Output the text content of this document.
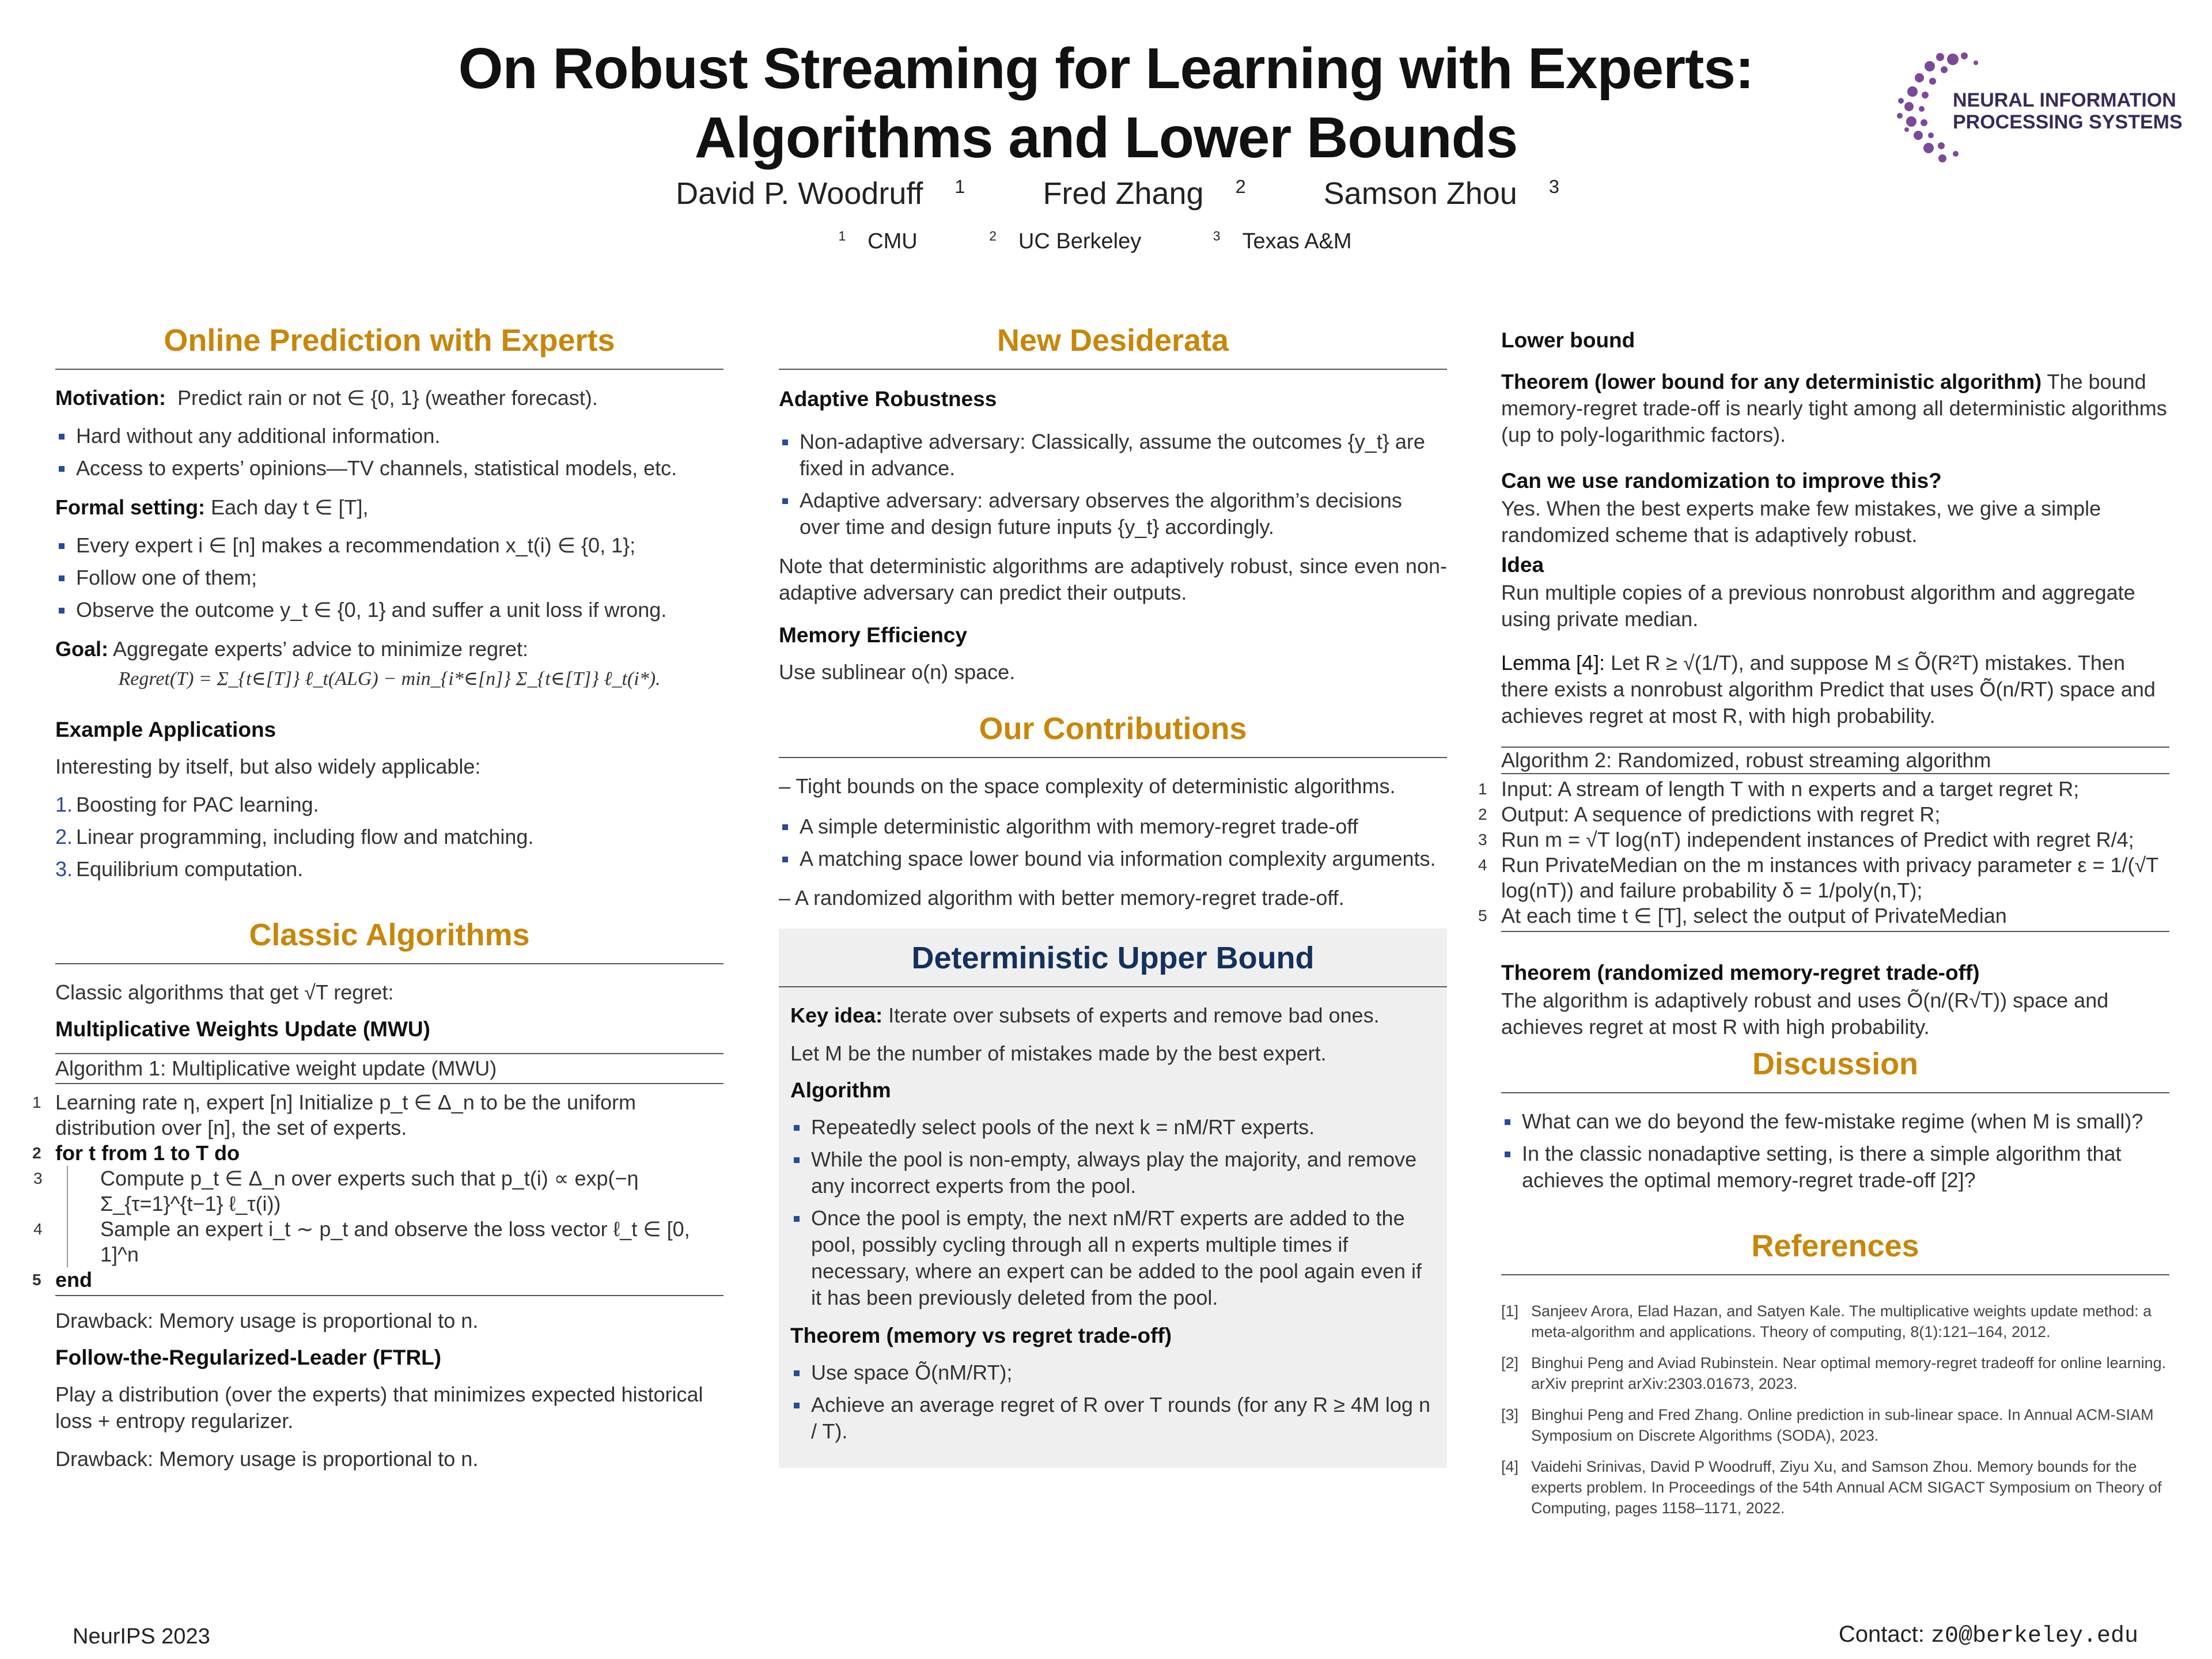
On Robust Streaming for Learning with Experts:
Algorithms and Lower Bounds
David P. Woodruff $^1$	Fred Zhang $^2$	Samson Zhou $^3$
$^1$ CMU	$^2$ UC Berkeley	$^3$ Texas A&M
NEURAL INFORMATION
PROCESSING SYSTEMS
Online Prediction with Experts
Motivation: Predict rain or not ∈ {0, 1} (weather forecast).
Hard without any additional information.
Access to experts’ opinions—TV channels, statistical models, etc.
Formal setting: Each day t ∈ [T],
Every expert i ∈ [n] makes a recommendation x_t(i) ∈ {0, 1};
Follow one of them;
Observe the outcome y_t ∈ {0, 1} and suffer a unit loss if wrong.
Goal: Aggregate experts’ advice to minimize regret:
Regret(T) = Σ_{t∈[T]} ℓ_t(ALG) − min_{i*∈[n]} Σ_{t∈[T]} ℓ_t(i*).
Example Applications
Interesting by itself, but also widely applicable:
1. Boosting for PAC learning.
2. Linear programming, including flow and matching.
3. Equilibrium computation.
Classic Algorithms
Classic algorithms that get √T regret:
Multiplicative Weights Update (MWU)
Algorithm 1: Multiplicative weight update (MWU)
1 Learning rate η, expert [n] Initialize p_t ∈ Δ_n to be the uniform distribution over [n], the set of experts.
2 for t from 1 to T do
3	Compute p_t ∈ Δ_n over experts such that p_t(i) ∝ exp(−η Σ_{τ=1}^{t−1} ℓ_τ(i))
4	Sample an expert i_t ∼ p_t and observe the loss vector ℓ_t ∈ [0, 1]^n
5 end
Drawback: Memory usage is proportional to n.
Follow-the-Regularized-Leader (FTRL)
Play a distribution (over the experts) that minimizes expected historical loss + entropy regularizer.
Drawback: Memory usage is proportional to n.
New Desiderata
Adaptive Robustness
Non-adaptive adversary: Classically, assume the outcomes {y_t} are fixed in advance.
Adaptive adversary: adversary observes the algorithm’s decisions over time and design future inputs {y_t} accordingly.
Note that deterministic algorithms are adaptively robust, since even non-adaptive adversary can predict their outputs.
Memory Efficiency
Use sublinear o(n) space.
Our Contributions
– Tight bounds on the space complexity of deterministic algorithms.
A simple deterministic algorithm with memory-regret trade-off
A matching space lower bound via information complexity arguments.
– A randomized algorithm with better memory-regret trade-off.
Deterministic Upper Bound
Key idea: Iterate over subsets of experts and remove bad ones.
Let M be the number of mistakes made by the best expert.
Algorithm
Repeatedly select pools of the next k = nM/RT experts.
While the pool is non-empty, always play the majority, and remove any incorrect experts from the pool.
Once the pool is empty, the next nM/RT experts are added to the pool, possibly cycling through all n experts multiple times if necessary, where an expert can be added to the pool again even if it has been previously deleted from the pool.
Theorem (memory vs regret trade-off)
Use space Õ(nM/RT);
Achieve an average regret of R over T rounds (for any R ≥ 4M log n / T).
Lower bound
Theorem (lower bound for any deterministic algorithm) The bound memory-regret trade-off is nearly tight among all deterministic algorithms (up to poly-logarithmic factors).
Can we use randomization to improve this?
Yes. When the best experts make few mistakes, we give a simple randomized scheme that is adaptively robust.
Idea
Run multiple copies of a previous nonrobust algorithm and aggregate using private median.
Lemma [4]: Let R ≥ √(1/T), and suppose M ≤ Õ(R²T) mistakes. Then there exists a nonrobust algorithm Predict that uses Õ(n/RT) space and achieves regret at most R, with high probability.
Algorithm 2: Randomized, robust streaming algorithm
1 Input: A stream of length T with n experts and a target regret R;
2 Output: A sequence of predictions with regret R;
3 Run m = √T log(nT) independent instances of Predict with regret R/4;
4 Run PrivateMedian on the m instances with privacy parameter ε = 1/(√T log(nT)) and failure probability δ = 1/poly(n,T);
5 At each time t ∈ [T], select the output of PrivateMedian
Theorem (randomized memory-regret trade-off)
The algorithm is adaptively robust and uses Õ(n/(R√T)) space and achieves regret at most R with high probability.
Discussion
What can we do beyond the few-mistake regime (when M is small)?
In the classic nonadaptive setting, is there a simple algorithm that achieves the optimal memory-regret trade-off [2]?
References
[1] Sanjeev Arora, Elad Hazan, and Satyen Kale. The multiplicative weights update method: a meta-algorithm and applications. Theory of computing, 8(1):121–164, 2012.
[2] Binghui Peng and Aviad Rubinstein. Near optimal memory-regret tradeoff for online learning. arXiv preprint arXiv:2303.01673, 2023.
[3] Binghui Peng and Fred Zhang. Online prediction in sub-linear space. In Annual ACM-SIAM Symposium on Discrete Algorithms (SODA), 2023.
[4] Vaidehi Srinivas, David P Woodruff, Ziyu Xu, and Samson Zhou. Memory bounds for the experts problem. In Proceedings of the 54th Annual ACM SIGACT Symposium on Theory of Computing, pages 1158–1171, 2022.
NeurIPS 2023	Contact: z0@berkeley.edu
